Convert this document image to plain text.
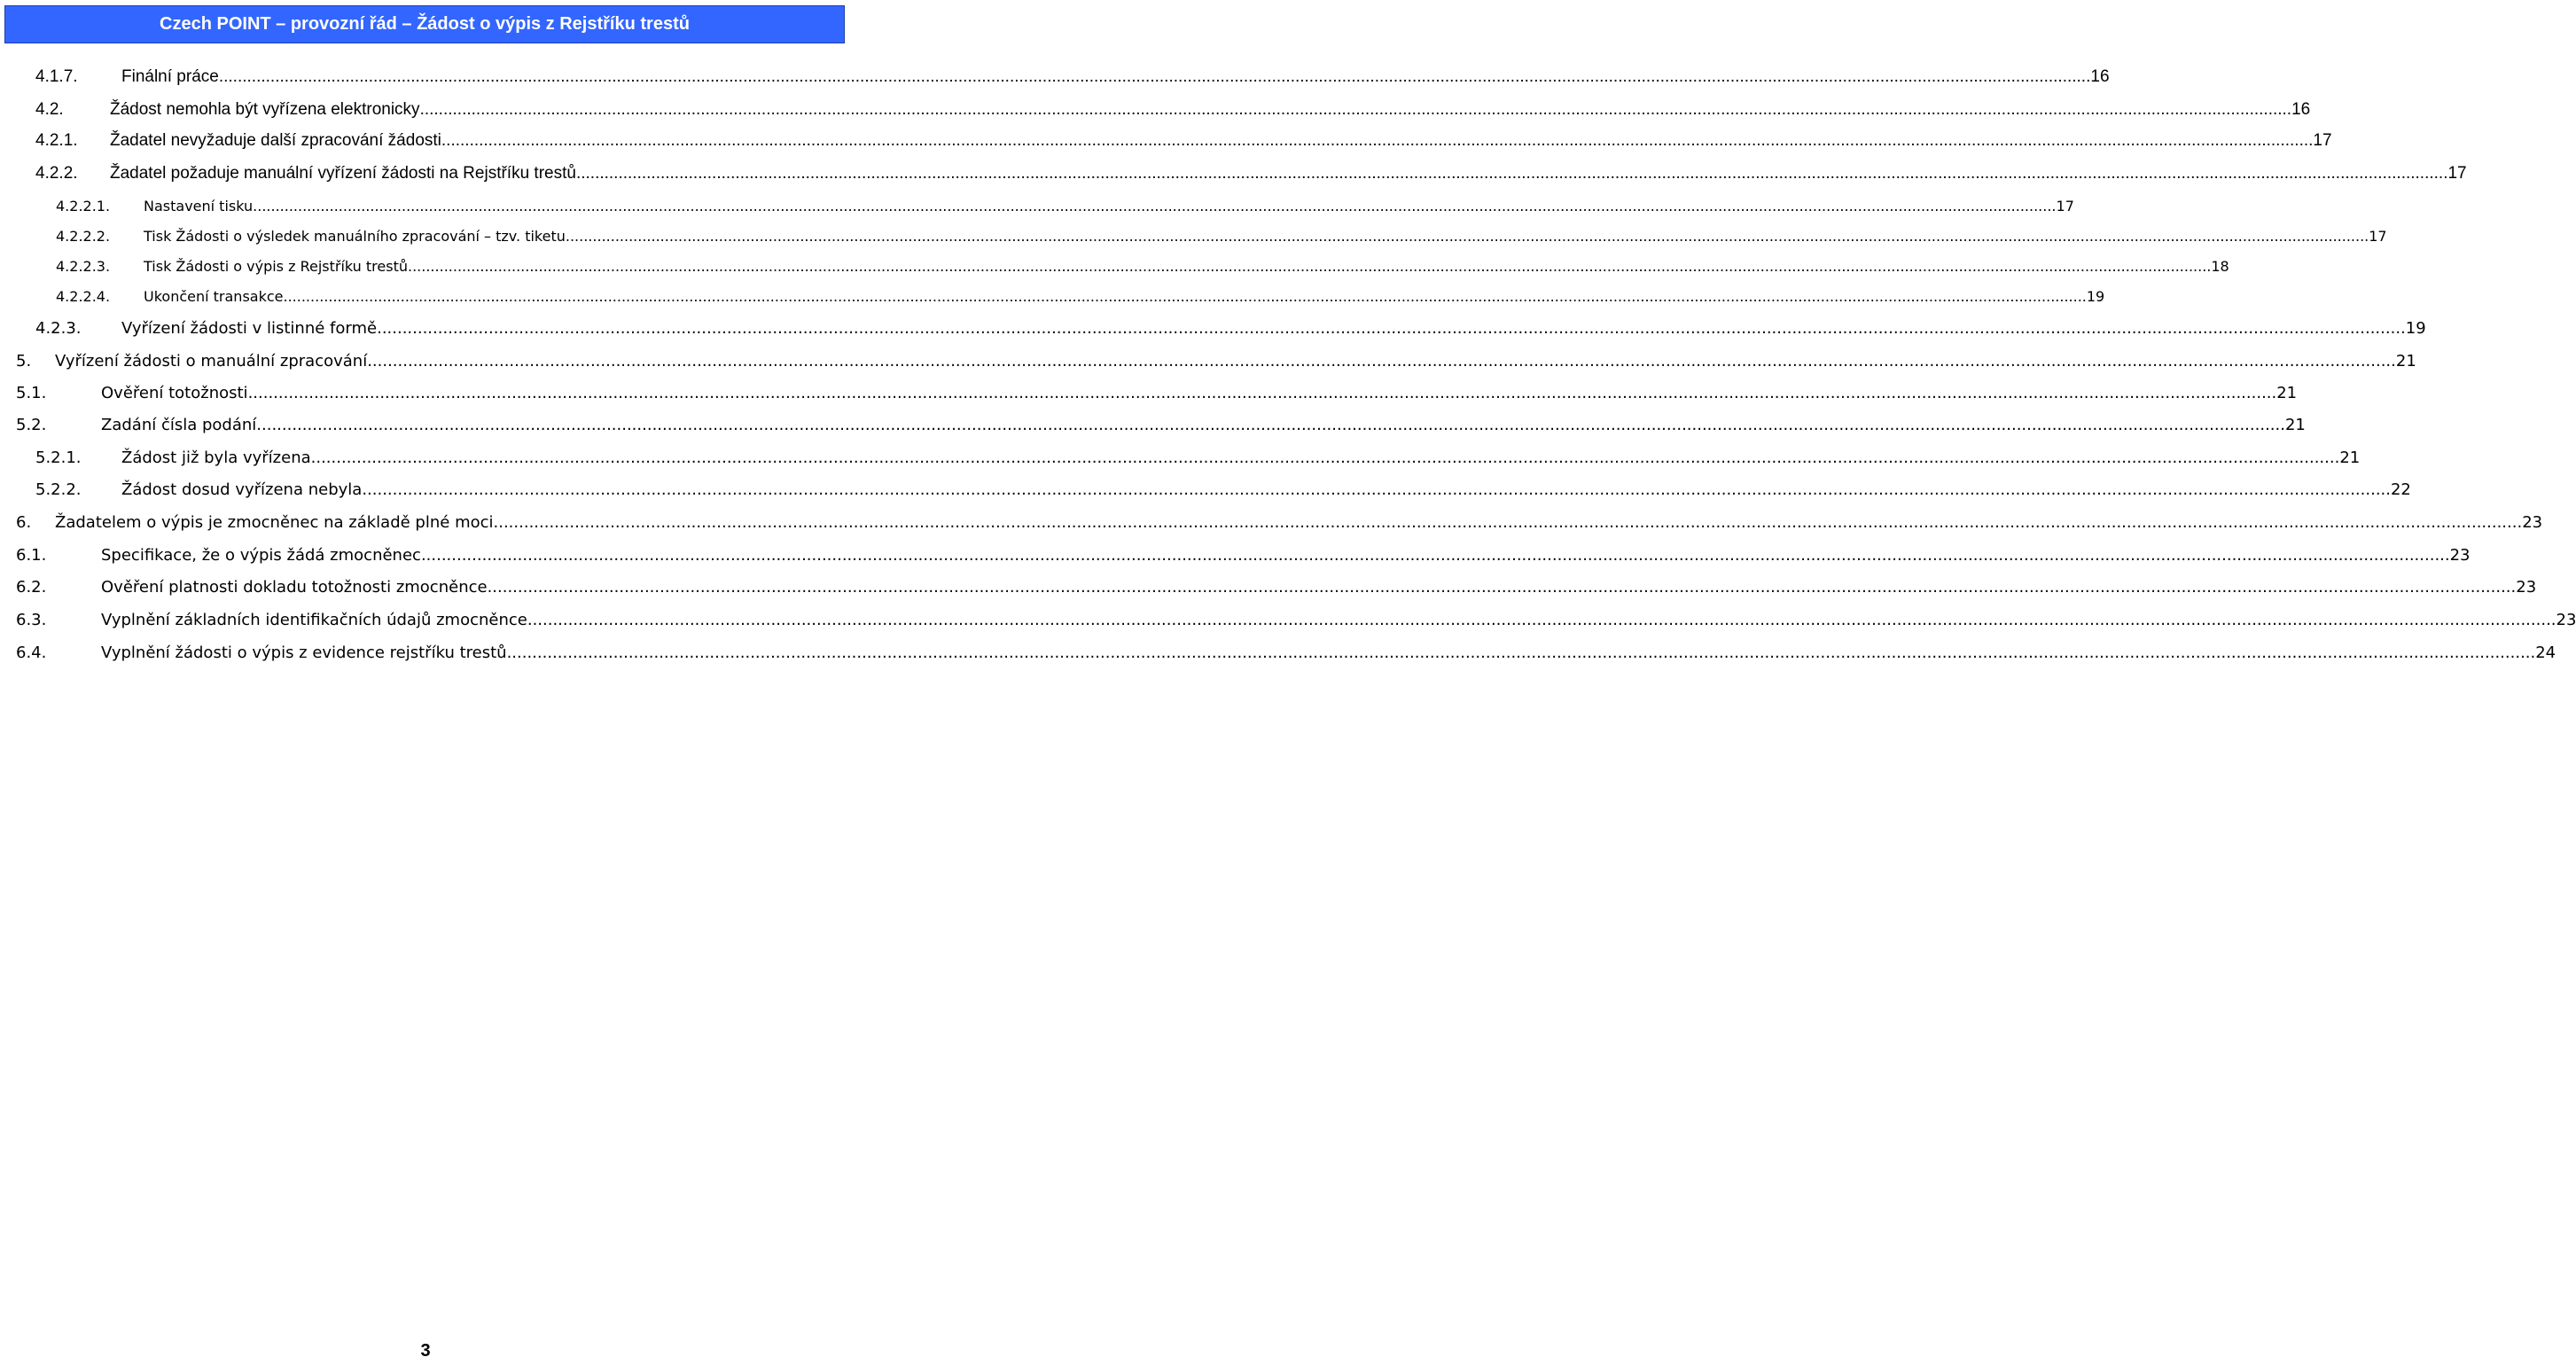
Czech POINT – provozní řád – Žádost o výpis z Rejstříku trestů
4.1.7.	Finální práce ................................................................................................................................................................................................................................................................................................................................................................................................................ 16
4.2.	Žádost nemohla být vyřízena elektronicky ................................................................................................................................................................................................................................................................................................................................................................................................................ 16
4.2.1. Žadatel nevyžaduje další zpracování žádosti ................................................................................................................................................................................................................................................................................................................................................................................................................ 17
4.2.2. Žadatel požaduje manuální vyřízení žádosti na Rejstříku trestů ................................................................................................................................................................................................................................................................................................................................................................................................................ 17
4.2.2.1. Nastavení tisku ................................................................................................................................................................................................................................................................................................................................................................................................................ 17
4.2.2.2. Tisk Žádosti o výsledek manuálního zpracování – tzv. tiketu ................................................................................................................................................................................................................................................................................................................................................................................................................ 17
4.2.2.3. Tisk Žádosti o výpis z Rejstříku trestů ................................................................................................................................................................................................................................................................................................................................................................................................................ 18
4.2.2.4. Ukončení transakce ................................................................................................................................................................................................................................................................................................................................................................................................................ 19
4.2.3.	Vyřízení žádosti v listinné formě ................................................................................................................................................................................................................................................................................................................................................................................................................ 19
5. Vyřízení žádosti o manuální zpracování ................................................................................................................................................................................................................................................................................................................................................................................................................ 21
5.1.	Ověření totožnosti ................................................................................................................................................................................................................................................................................................................................................................................................................ 21
5.2.	Zadání čísla podání ................................................................................................................................................................................................................................................................................................................................................................................................................ 21
5.2.1.	Žádost již byla vyřízena ................................................................................................................................................................................................................................................................................................................................................................................................................ 21
5.2.2.	Žádost dosud vyřízena nebyla ................................................................................................................................................................................................................................................................................................................................................................................................................ 22
6. Žadatelem o výpis je zmocněnec na základě plné moci ................................................................................................................................................................................................................................................................................................................................................................................................................ 23
6.1.	Specifikace, že o výpis žádá zmocněnec ................................................................................................................................................................................................................................................................................................................................................................................................................ 23
6.2.	Ověření platnosti dokladu totožnosti zmocněnce ................................................................................................................................................................................................................................................................................................................................................................................................................ 23
6.3.	Vyplnění základních identifikačních údajů zmocněnce ................................................................................................................................................................................................................................................................................................................................................................................................................ 23
6.4.	Vyplnění žádosti o výpis z evidence rejstříku trestů ................................................................................................................................................................................................................................................................................................................................................................................................................ 24
3
